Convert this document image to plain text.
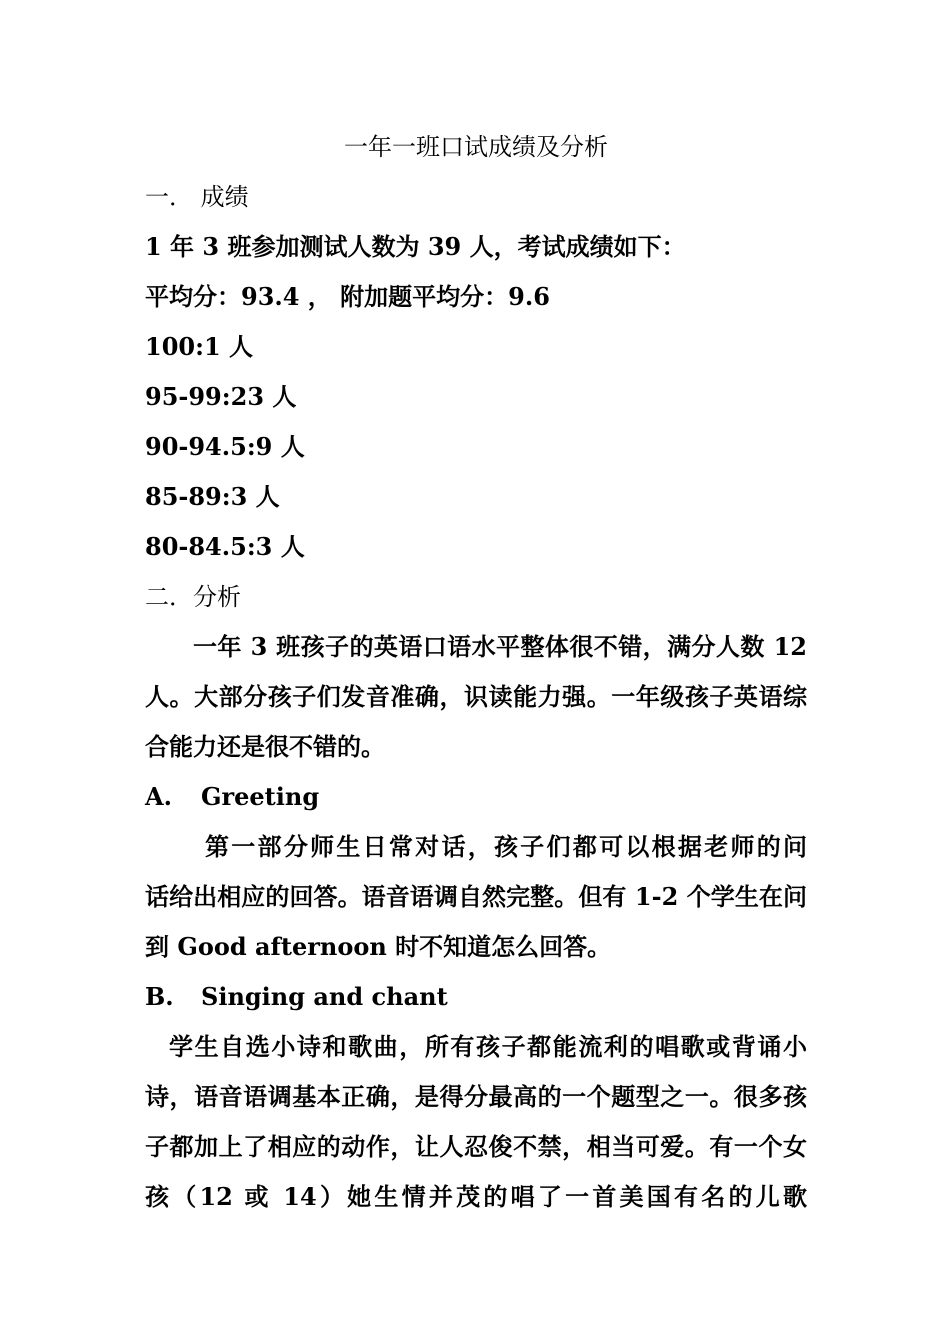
一年一班口试成绩及分析
一． 成绩
1 年 3 班参加测试人数为 39 人，考试成绩如下：
平均分：93.4 ， 附加题平均分：9.6
100:1 人
95-99:23 人
90-94.5:9 人
85-89:3 人
80-84.5:3 人
二．分析
一年 3 班孩子的英语口语水平整体很不错，满分人数 12
人。大部分孩子们发音准确，识读能力强。一年级孩子英语综
合能力还是很不错的。
A. Greeting
第一部分师生日常对话，孩子们都可以根据老师的问
话给出相应的回答。语音语调自然完整。但有 1-2 个学生在问
到 Good afternoon 时不知道怎么回答。
B. Singing and chant
学生自选小诗和歌曲，所有孩子都能流利的唱歌或背诵小
诗，语音语调基本正确，是得分最高的一个题型之一。很多孩
子都加上了相应的动作，让人忍俊不禁，相当可爱。有一个女
孩（12 或 14）她生情并茂的唱了一首美国有名的儿歌
